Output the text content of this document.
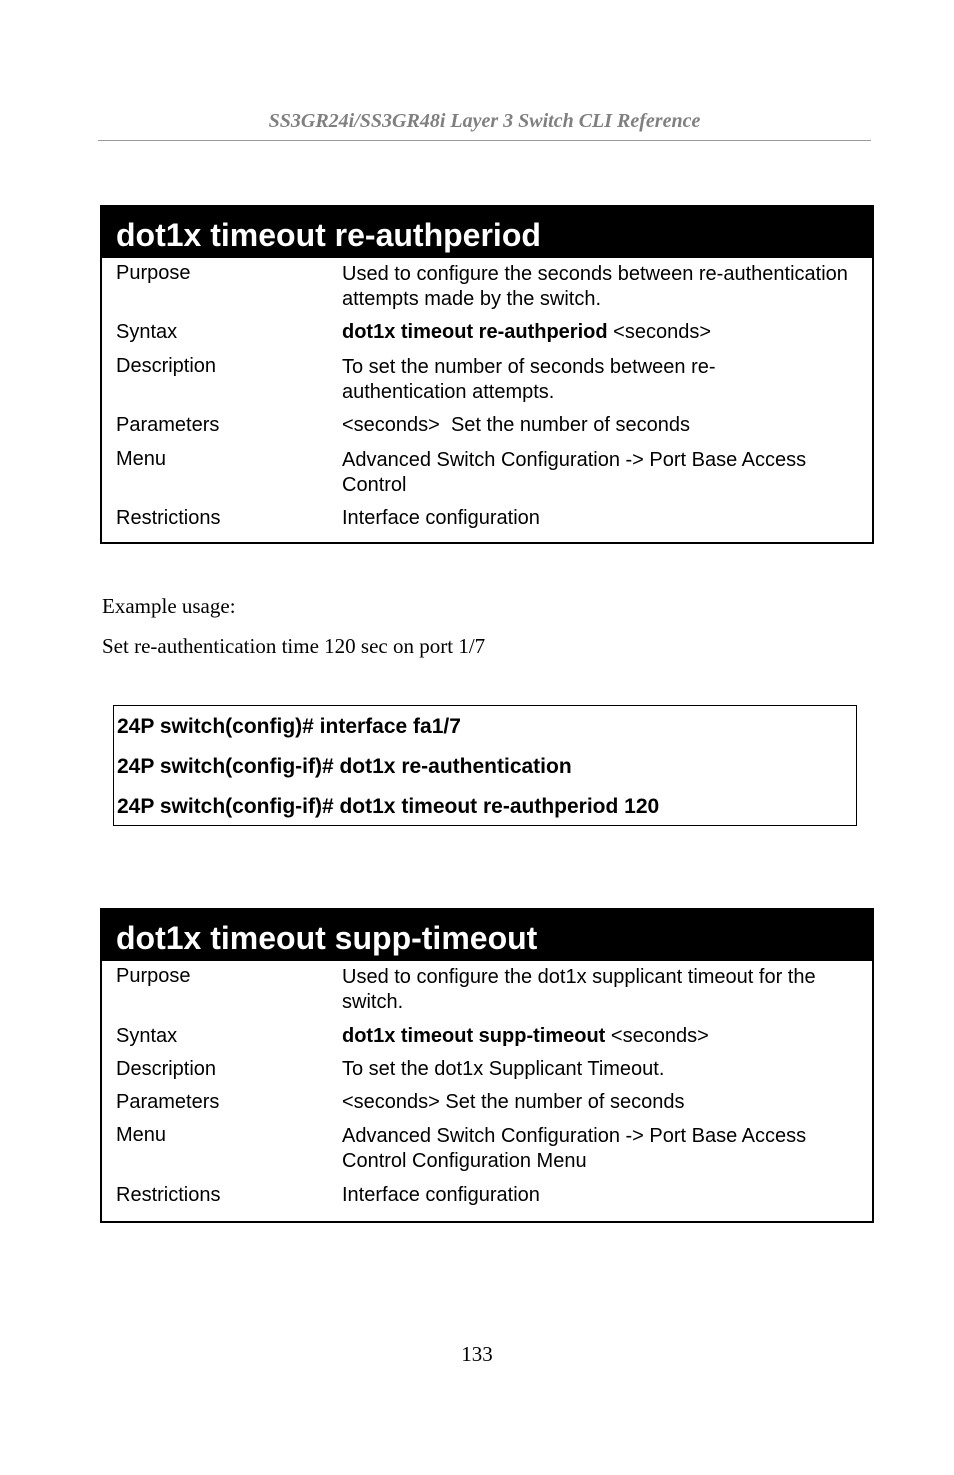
SS3GR24i/SS3GR48i Layer 3 Switch CLI Reference
dot1x timeout re-authperiod
Purpose	Used to configure the seconds between re-authentication attempts made by the switch.
Syntax	dot1x timeout re-authperiod <seconds>
Description	To set the number of seconds between re-authentication attempts.
Parameters	<seconds>  Set the number of seconds
Menu	Advanced Switch Configuration -> Port Base Access Control
Restrictions	Interface configuration
Example usage:
Set re-authentication time 120 sec on port 1/7
24P switch(config)# interface fa1/7
24P switch(config-if)# dot1x re-authentication
24P switch(config-if)# dot1x timeout re-authperiod 120
dot1x timeout supp-timeout
Purpose	Used to configure the dot1x supplicant timeout for the switch.
Syntax	dot1x timeout supp-timeout <seconds>
Description	To set the dot1x Supplicant Timeout.
Parameters	<seconds> Set the number of seconds
Menu	Advanced Switch Configuration -> Port Base Access Control Configuration Menu
Restrictions	Interface configuration
133
